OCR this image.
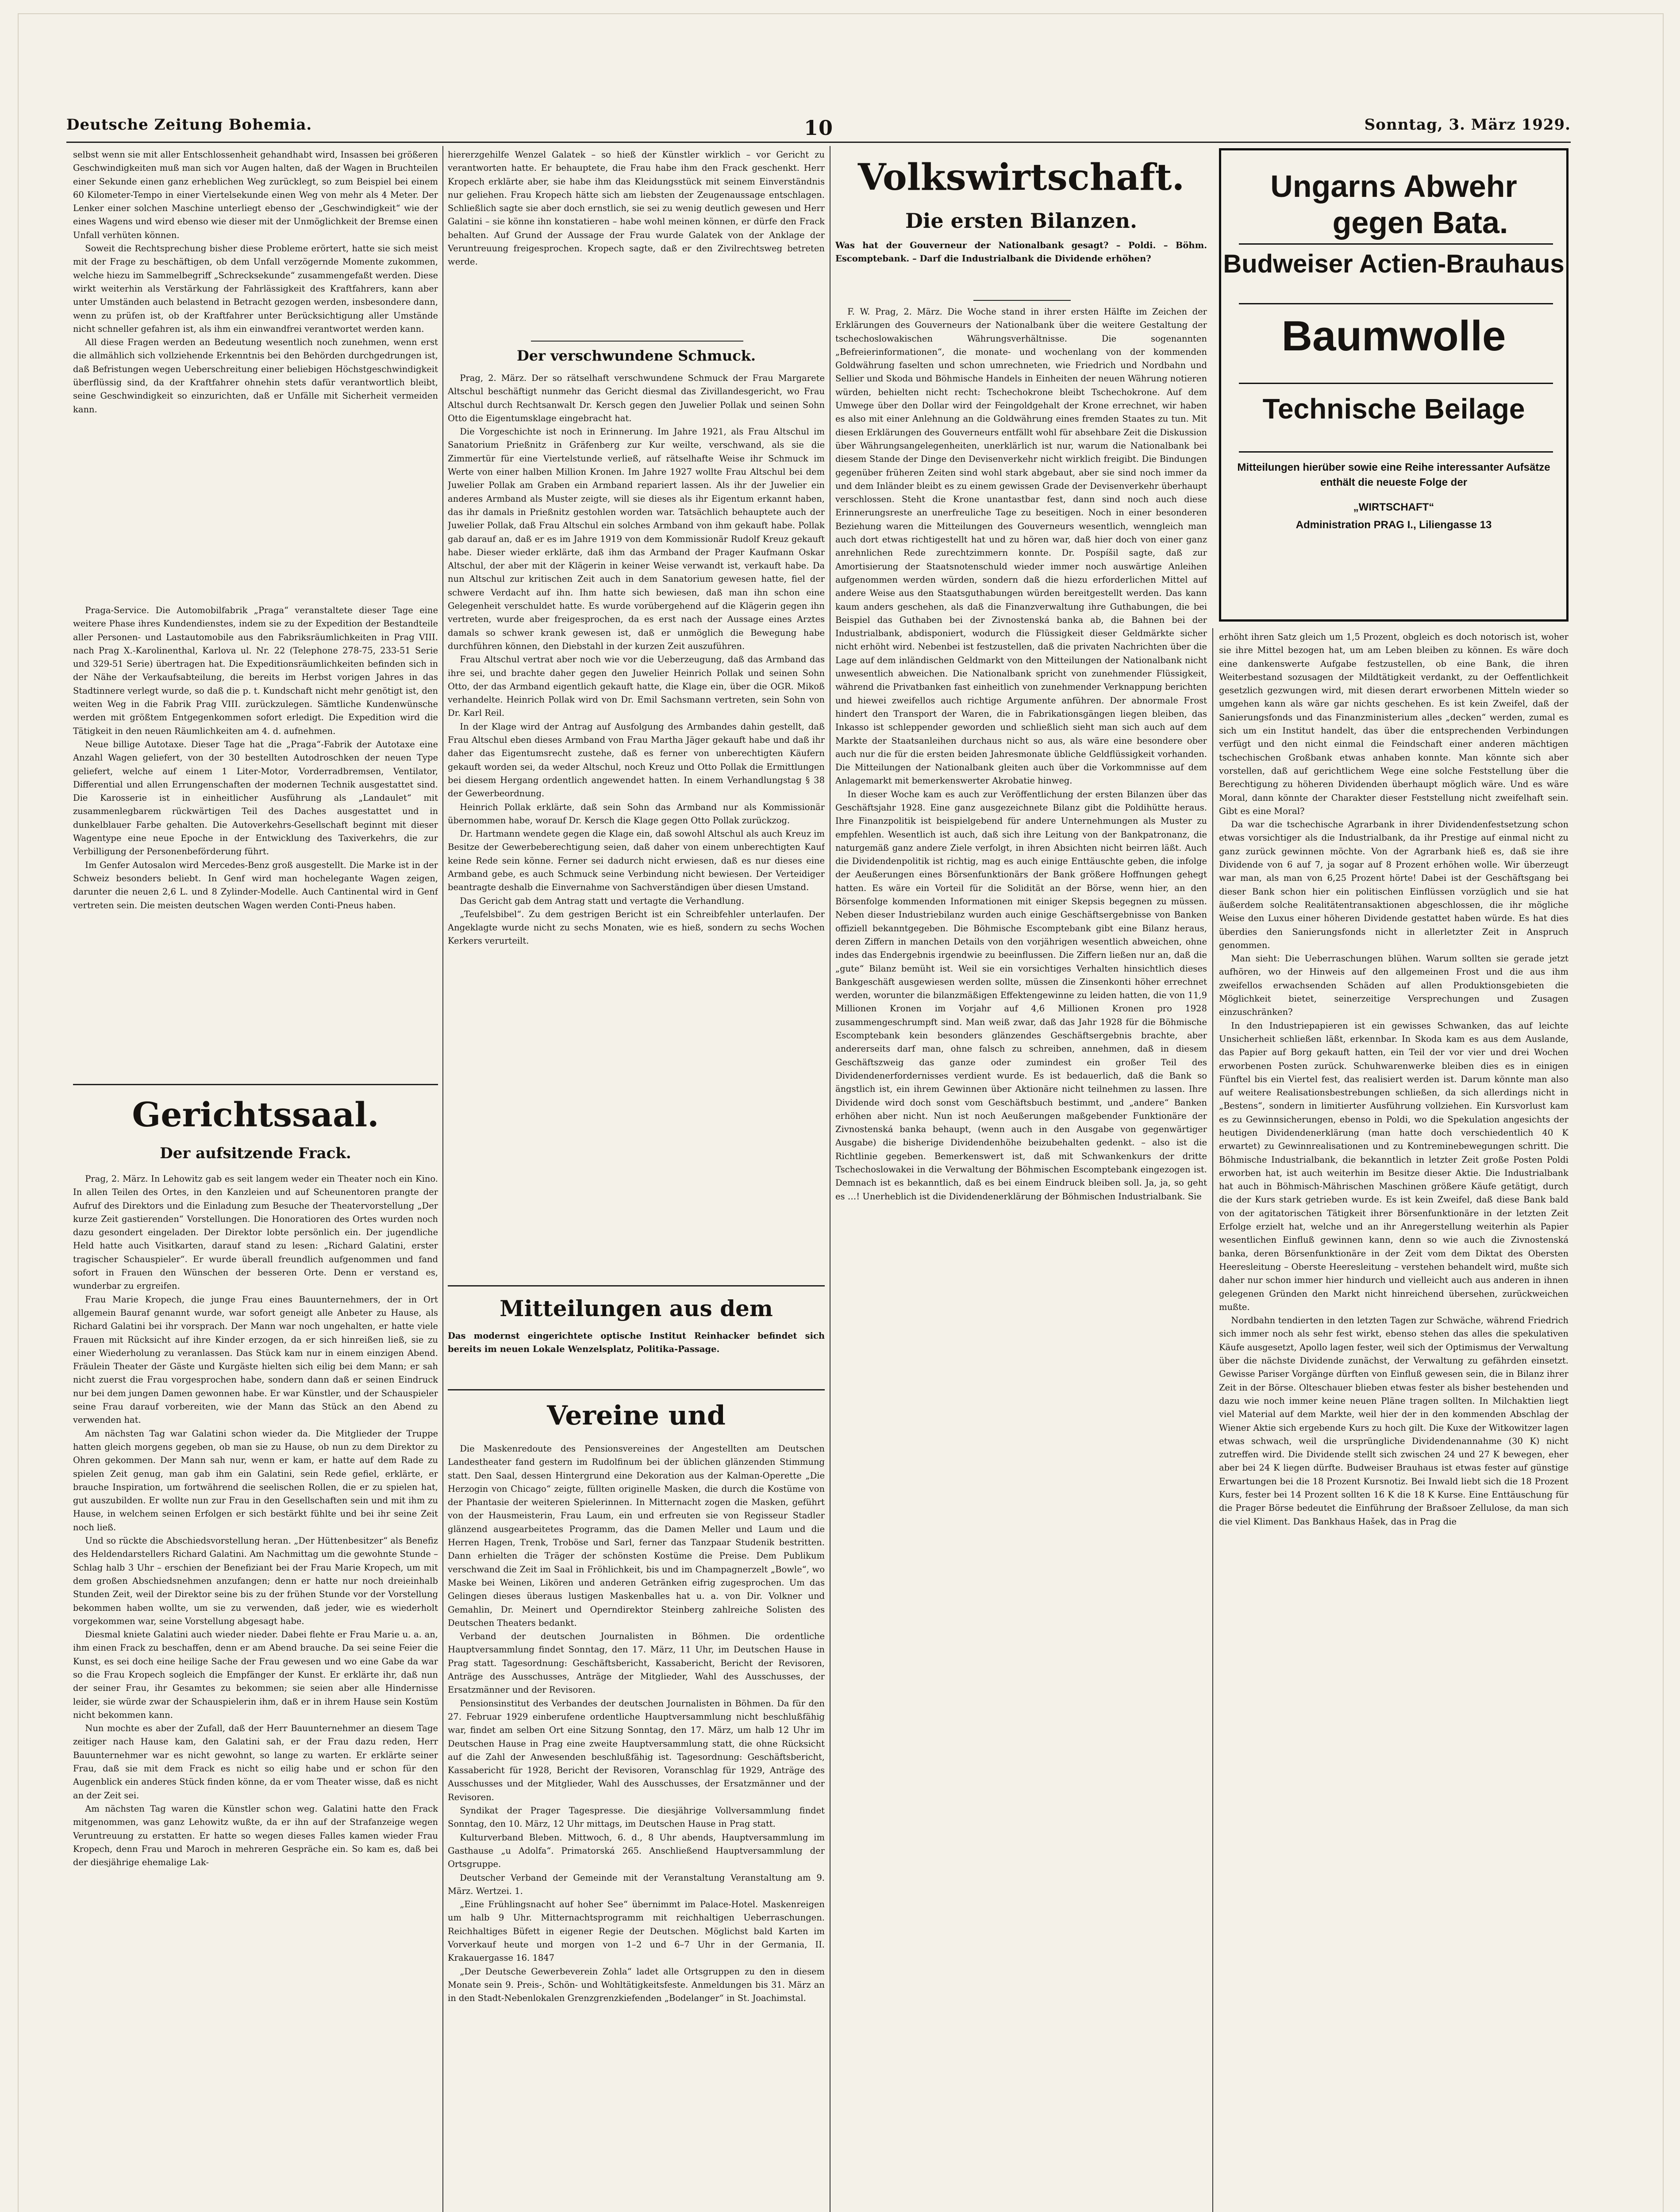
Deutsche Zeitung Bohemia.	10	Sonntag, 3. März 1929.

selbst wenn sie mit aller Entschlossenheit gehandhabt wird, Insassen bei größeren Geschwindigkeiten muß man sich vor Augen halten, daß der Wagen in Bruchteilen einer Sekunde einen ganz erheblichen Weg zurücklegt, so zum Beispiel bei einem 60 Kilometer-Tempo in einer Viertelsekunde einen Weg von mehr als 4 Meter. Der Lenker einer solchen Maschine unterliegt ebenso der „Geschwindigkeit“ wie der eines Wagens und wird ebenso wie dieser mit der Unmöglichkeit der Bremse einen Unfall verhüten können.

Soweit die Rechtsprechung bisher diese Probleme erörtert, hatte sie sich meist mit der Frage zu beschäftigen, ob dem Unfall verzögernde Momente zukommen, welche hiezu im Sammelbegriff „Schrecksekunde“ zusammengefaßt werden. Diese wirkt weiterhin als Verstärkung der Fahrlässigkeit des Kraftfahrers, kann aber unter Umständen auch belastend in Betracht gezogen werden, insbesondere dann, wenn zu prüfen ist, ob der Kraftfahrer unter Berücksichtigung aller Umstände nicht schneller gefahren ist, als ihm ein einwandfrei verantwortet werden kann.

All diese Fragen werden an Bedeutung wesentlich noch zunehmen, wenn erst die allmählich sich vollziehende Erkenntnis bei den Behörden durchgedrungen ist, daß Befristungen wegen Ueberschreitung einer beliebigen Höchstgeschwindigkeit überflüssig sind, da der Kraftfahrer ohnehin stets dafür verantwortlich bleibt, seine Geschwindigkeit so einzurichten, daß er Unfälle mit Sicherheit vermeiden kann.

Praga-Service. Die Automobilfabrik „Praga“ veranstaltete dieser Tage eine weitere Phase ihres Kundendienstes, indem sie zu der Expedition der Bestandteile aller Personen- und Lastautomobile aus den Fabriksräumlichkeiten in Prag VIII. nach Prag X.-Karolinenthal, Karlova ul. Nr. 22 (Telephone 278-75, 233-51 Serie und 329-51 Serie) übertragen hat. Die Expeditionsräumlichkeiten befinden sich in der Nähe der Verkaufsabteilung, die bereits im Herbst vorigen Jahres in das Stadtinnere verlegt wurde, so daß die p. t. Kundschaft nicht mehr genötigt ist, den weiten Weg in die Fabrik Prag VIII. zurückzulegen. Sämtliche Kundenwünsche werden mit größtem Entgegenkommen sofort erledigt. Die Expedition wird die Tätigkeit in den neuen Räumlichkeiten am 4. d. aufnehmen.

Neue billige Autotaxe. Dieser Tage hat die „Praga“-Fabrik der Autotaxe eine Anzahl Wagen geliefert, von der 30 bestellten Autodroschken der neuen Type geliefert, welche auf einem 1 Liter-Motor, Vorderradbremsen, Ventilator, Differential und allen Errungenschaften der modernen Technik ausgestattet sind. Die Karosserie ist in einheitlicher Ausführung als „Landaulet“ mit zusammenlegbarem rückwärtigen Teil des Daches ausgestattet und in dunkelblauer Farbe gehalten. Die Autoverkehrs-Gesellschaft beginnt mit dieser Wagentype eine neue Epoche in der Entwicklung des Taxiverkehrs, die zur Verbilligung der Personenbeförderung führt.

Im Genfer Autosalon wird Mercedes-Benz groß ausgestellt. Die Marke ist in der Schweiz besonders beliebt. In Genf wird man hochelegante Wagen zeigen, darunter die neuen 2,6 L. und 8 Zylinder-Modelle. Auch Cantinental wird in Genf vertreten sein. Die meisten deutschen Wagen werden Conti-Pneus haben.

Gerichtssaal.
Der aufsitzende Frack.

Prag, 2. März. In Lehowitz gab es seit langem weder ein Theater noch ein Kino. In allen Teilen des Ortes, in den Kanzleien und auf Scheunentoren prangte der Aufruf des Direktors und die Einladung zum Besuche der Theatervorstellung „Der kurze Zeit gastierenden“ Vorstellungen. Die Honoratioren des Ortes wurden noch dazu gesondert eingeladen. Der Direktor lobte persönlich ein. Der jugendliche Held hatte auch Visitkarten, darauf stand zu lesen: „Richard Galatini, erster tragischer Schauspieler“. Er wurde überall freundlich aufgenommen und fand sofort in Frauen den Wünschen der besseren Orte. Denn er verstand es, wunderbar zu ergreifen.

Frau Marie Kropech, die junge Frau eines Bauunternehmers, der in Ort allgemein Bauraf genannt wurde, war sofort geneigt alle Anbeter zu Hause, als Richard Galatini bei ihr vorsprach. Der Mann war noch ungehalten, er hatte viele Frauen mit Rücksicht auf ihre Kinder erzogen, da er sich hinreißen ließ, sie zu einer Wiederholung zu veranlassen. Das Stück kam nur in einem einzigen Abend. Fräulein Theater der Gäste und Kurgäste hielten sich eilig bei dem Mann; er sah nicht zuerst die Frau vorgesprochen habe, sondern dann daß er seinen Eindruck nur bei dem jungen Damen gewonnen habe. Er war Künstler, und der Schauspieler seine Frau darauf vorbereiten, wie der Mann das Stück an den Abend zu verwenden hat.

Am nächsten Tag war Galatini schon wieder da. Die Mitglieder der Truppe hatten gleich morgens gegeben, ob man sie zu Hause, ob nun zu dem Direktor zu Ohren gekommen. Der Mann sah nur, wenn er kam, er hatte auf dem Rade zu spielen Zeit genug, man gab ihm ein Galatini, sein Rede gefiel, erklärte, er brauche Inspiration, um fortwährend die seelischen Rollen, die er zu spielen hat, gut auszubilden. Er wollte nun zur Frau in den Gesellschaften sein und mit ihm zu Hause, in welchem seinen Erfolgen er sich bestärkt fühlte und bei ihr seine Zeit noch ließ.

Und so rückte die Abschiedsvorstellung heran. „Der Hüttenbesitzer“ als Benefiz des Heldendarstellers Richard Galatini. Am Nachmittag um die gewohnte Stunde – Schlag halb 3 Uhr – erschien der Benefiziant bei der Frau Marie Kropech, um mit dem großen Abschiedsnehmen anzufangen; denn er hatte nur noch dreieinhalb Stunden Zeit, weil der Direktor seine bis zu der frühen Stunde vor der Vorstellung bekommen haben wollte, um sie zu verwenden, daß jeder, wie es wiederholt vorgekommen war, seine Vorstellung abgesagt habe.

Diesmal kniete Galatini auch wieder nieder. Dabei flehte er Frau Marie u. a. an, ihm einen Frack zu beschaffen, denn er am Abend brauche. Da sei seine Feier die Kunst, es sei doch eine heilige Sache der Frau gewesen und wo eine Gabe da war so die Frau Kropech sogleich die Empfänger der Kunst. Er erklärte ihr, daß nun der seiner Frau, ihr Gesamtes zu bekommen; sie seien aber alle Hindernisse leider, sie würde zwar der Schauspielerin ihm, daß er in ihrem Hause sein Kostüm nicht bekommen kann.

Nun mochte es aber der Zufall, daß der Herr Bauunternehmer an diesem Tage zeitiger nach Hause kam, den Galatini sah, er der Frau dazu reden, Herr Bauunternehmer war es nicht gewohnt, so lange zu warten. Er erklärte seiner Frau, daß sie mit dem Frack es nicht so eilig habe und er schon für den Augenblick ein anderes Stück finden könne, da er vom Theater wisse, daß es nicht an der Zeit sei.

Am nächsten Tag waren die Künstler schon weg. Galatini hatte den Frack mitgenommen, was ganz Lehowitz wußte, da er ihn auf der Strafanzeige wegen Veruntreuung zu erstatten. Er hatte so wegen dieses Falles kamen wieder Frau Kropech, denn Frau und Maroch in mehreren Gespräche ein. So kam es, daß bei der diesjährige ehemalige Lak-

hiererzgehilfe Wenzel Galatek – so hieß der Künstler wirklich – vor Gericht zu verantworten hatte. Er behauptete, die Frau habe ihm den Frack geschenkt. Herr Kropech erklärte aber, sie habe ihm das Kleidungsstück mit seinem Einverständnis nur geliehen. Frau Kropech hätte sich am liebsten der Zeugenaussage entschlagen. Schließlich sagte sie aber doch ernstlich, sie sei zu wenig deutlich gewesen und Herr Galatini – sie könne ihn konstatieren – habe wohl meinen können, er dürfe den Frack behalten. Auf Grund der Aussage der Frau wurde Galatek von der Anklage der Veruntreuung freigesprochen. Kropech sagte, daß er den Zivilrechtsweg betreten werde.

Der verschwundene Schmuck.

Prag, 2. März. Der so rätselhaft verschwundene Schmuck der Frau Margarete Altschul beschäftigt nunmehr das Gericht diesmal das Zivillandesgericht, wo Frau Altschul durch Rechtsanwalt Dr. Kersch gegen den Juwelier Pollak und seinen Sohn Otto die Eigentumsklage eingebracht hat.

Die Vorgeschichte ist noch in Erinnerung. Im Jahre 1921, als Frau Altschul im Sanatorium Prießnitz in Gräfenberg zur Kur weilte, verschwand, als sie die Zimmertür für eine Viertelstunde verließ, auf rätselhafte Weise ihr Schmuck im Werte von einer halben Million Kronen. Im Jahre 1927 wollte Frau Altschul bei dem Juwelier Pollak am Graben ein Armband repariert lassen. Als ihr der Juwelier ein anderes Armband als Muster zeigte, will sie dieses als ihr Eigentum erkannt haben, das ihr damals in Prießnitz gestohlen worden war. Tatsächlich behauptete auch der Juwelier Pollak, daß Frau Altschul ein solches Armband von ihm gekauft habe. Pollak gab darauf an, daß er es im Jahre 1919 von dem Kommissionär Rudolf Kreuz gekauft habe. Dieser wieder erklärte, daß ihm das Armband der Prager Kaufmann Oskar Altschul, der aber mit der Klägerin in keiner Weise verwandt ist, verkauft habe. Da nun Altschul zur kritischen Zeit auch in dem Sanatorium gewesen hatte, fiel der schwere Verdacht auf ihn. Ihm hatte sich bewiesen, daß man ihn schon eine Gelegenheit verschuldet hatte. Es wurde vorübergehend auf die Klägerin gegen ihn vertreten, wurde aber freigesprochen, da es erst nach der Aussage eines Arztes damals so schwer krank gewesen ist, daß er unmöglich die Bewegung habe durchführen können, den Diebstahl in der kurzen Zeit auszuführen.

Frau Altschul vertrat aber noch wie vor die Ueberzeugung, daß das Armband das ihre sei, und brachte daher gegen den Juwelier Heinrich Pollak und seinen Sohn Otto, der das Armband eigentlich gekauft hatte, die Klage ein, über die OGR. Mikoß verhandelte. Heinrich Pollak wird von Dr. Emil Sachsmann vertreten, sein Sohn von Dr. Karl Reil.

In der Klage wird der Antrag auf Ausfolgung des Armbandes dahin gestellt, daß Frau Altschul eben dieses Armband von Frau Martha Jäger gekauft habe und daß ihr daher das Eigentumsrecht zustehe, daß es ferner von unberechtigten Käufern gekauft worden sei, da weder Altschul, noch Kreuz und Otto Pollak die Ermittlungen bei diesem Hergang ordentlich angewendet hatten. In einem Verhandlungstag § 38 der Gewerbeordnung.

Heinrich Pollak erklärte, daß sein Sohn das Armband nur als Kommissionär übernommen habe, worauf Dr. Kersch die Klage gegen Otto Pollak zurückzog.

Dr. Hartmann wendete gegen die Klage ein, daß sowohl Altschul als auch Kreuz im Besitze der Gewerbeberechtigung seien, daß daher von einem unberechtigten Kauf keine Rede sein könne. Ferner sei dadurch nicht erwiesen, daß es nur dieses eine Armband gebe, es auch Schmuck seine Verbindung nicht bewiesen. Der Verteidiger beantragte deshalb die Einvernahme von Sachverständigen über diesen Umstand.

Das Gericht gab dem Antrag statt und vertagte die Verhandlung.

„Teufelsbibel“. Zu dem gestrigen Bericht ist ein Schreibfehler unterlaufen. Der Angeklagte wurde nicht zu sechs Monaten, wie es hieß, sondern zu sechs Wochen Kerkers verurteilt.

Mitteilungen aus dem

Das modernst eingerichtete optische Institut Reinhacker befindet sich bereits im neuen Lokale Wenzelsplatz, Politika-Passage.

Vereine und

Die Maskenredoute des Pensionsvereines der Angestellten am Deutschen Landestheater fand gestern im Rudolfinum bei der üblichen glänzenden Stimmung statt. Den Saal, dessen Hintergrund eine Dekoration aus der Kalman-Operette „Die Herzogin von Chicago“ zeigte, füllten originelle Masken, die durch die Kostüme von der Phantasie der weiteren Spielerinnen. In Mitternacht zogen die Masken, geführt von der Hausmeisterin, Frau Laum, ein und erfreuten sie von Regisseur Stadler glänzend ausgearbeitetes Programm, das die Damen Meller und Laum und die Herren Hagen, Trenk, Troböse und Sarl, ferner das Tanzpaar Studenik bestritten. Dann erhielten die Träger der schönsten Kostüme die Preise. Dem Publikum verschwand die Zeit im Saal in Fröhlichkeit, bis und im Champagnerzelt „Bowle“, wo Maske bei Weinen, Likören und anderen Getränken eifrig zugesprochen. Um das Gelingen dieses überaus lustigen Maskenballes hat u. a. von Dir. Volkner und Gemahlin, Dr. Meinert und Operndirektor Steinberg zahlreiche Solisten des Deutschen Theaters bedankt.

Verband der deutschen Journalisten in Böhmen. Die ordentliche Hauptversammlung findet Sonntag, den 17. März, 11 Uhr, im Deutschen Hause in Prag statt. Tagesordnung: Geschäftsbericht, Kassabericht, Bericht der Revisoren, Anträge des Ausschusses, Anträge der Mitglieder, Wahl des Ausschusses, der Ersatzmänner und der Revisoren.

Pensionsinstitut des Verbandes der deutschen Journalisten in Böhmen. Da für den 27. Februar 1929 einberufene ordentliche Hauptversammlung nicht beschlußfähig war, findet am selben Ort eine Sitzung Sonntag, den 17. März, um halb 12 Uhr im Deutschen Hause in Prag eine zweite Hauptversammlung statt, die ohne Rücksicht auf die Zahl der Anwesenden beschlußfähig ist. Tagesordnung: Geschäftsbericht, Kassabericht für 1928, Bericht der Revisoren, Voranschlag für 1929, Anträge des Ausschusses und der Mitglieder, Wahl des Ausschusses, der Ersatzmänner und der Revisoren.

Syndikat der Prager Tagespresse. Die diesjährige Vollversammlung findet Sonntag, den 10. März, 12 Uhr mittags, im Deutschen Hause in Prag statt.

Kulturverband Bleben. Mittwoch, 6. d., 8 Uhr abends, Hauptversammlung im Gasthause „u Adolfa“. Primatorská 265. Anschließend Hauptversammlung der Ortsgruppe.

Deutscher Verband der Gemeinde mit der Veranstaltung Veranstaltung am 9. März. Wertzei. 1.

„Eine Frühlingsnacht auf hoher See“ übernimmt im Palace-Hotel. Maskenreigen um halb 9 Uhr. Mitternachtsprogramm mit reichhaltigen Ueberraschungen. Reichhaltiges Büfett in eigener Regie der Deutschen. Möglichst bald Karten im Vorverkauf heute und morgen von 1–2 und 6–7 Uhr in der Germania, II. Krakauergasse 16. 1847

„Der Deutsche Gewerbeverein Zohla“ ladet alle Ortsgruppen zu den in diesem Monate sein 9. Preis-, Schön- und Wohltätigkeitsfeste. Anmeldungen bis 31. März an in den Stadt-Nebenlokalen Grenzgrenzkiefenden „Bodelanger“ in St. Joachimstal.

Volkswirtschaft.
Die ersten Bilanzen.

Was hat der Gouverneur der Nationalbank gesagt? – Poldi. – Böhm. Escomptebank. – Darf die Industrialbank die Dividende erhöhen?

F. W. Prag, 2. März. Die Woche stand in ihrer ersten Hälfte im Zeichen der Erklärungen des Gouverneurs der Nationalbank über die weitere Gestaltung der tschechoslowakischen Währungsverhältnisse. Die sogenannten „Befreierinformationen“, die monate- und wochenlang von der kommenden Goldwährung faselten und schon umrechneten, wie Friedrich und Nordbahn und Sellier und Skoda und Böhmische Handels in Einheiten der neuen Währung notieren würden, behielten nicht recht: Tschechokrone bleibt Tschechokrone. Auf dem Umwege über den Dollar wird der Feingoldgehalt der Krone errechnet, wir haben es also mit einer Anlehnung an die Goldwährung eines fremden Staates zu tun. Mit diesen Erklärungen des Gouverneurs entfällt wohl für absehbare Zeit die Diskussion über Währungsangelegenheiten, unerklärlich ist nur, warum die Nationalbank bei diesem Stande der Dinge den Devisenverkehr nicht wirklich freigibt. Die Bindungen gegenüber früheren Zeiten sind wohl stark abgebaut, aber sie sind noch immer da und dem Inländer bleibt es zu einem gewissen Grade der Devisenverkehr überhaupt verschlossen. Steht die Krone unantastbar fest, dann sind noch auch diese Erinnerungsreste an unerfreuliche Tage zu beseitigen. Noch in einer besonderen Beziehung waren die Mitteilungen des Gouverneurs wesentlich, wenngleich man auch dort etwas richtigestellt hat und zu hören war, daß hier doch von einer ganz anrehnlichen Rede zurechtzimmern konnte. Dr. Pospíšil sagte, daß zur Amortisierung der Staatsnotenschuld wieder immer noch auswärtige Anleihen aufgenommen werden würden, sondern daß die hiezu erforderlichen Mittel auf andere Weise aus den Staatsguthabungen würden bereitgestellt werden. Das kann kaum anders geschehen, als daß die Finanzverwaltung ihre Guthabungen, die bei Beispiel das Guthaben bei der Zivnostenská banka ab, die Bahnen bei der Industrialbank, abdisponiert, wodurch die Flüssigkeit dieser Geldmärkte sicher nicht erhöht wird. Nebenbei ist festzustellen, daß die privaten Nachrichten über die Lage auf dem inländischen Geldmarkt von den Mitteilungen der Nationalbank nicht unwesentlich abweichen. Die Nationalbank spricht von zunehmender Flüssigkeit, während die Privatbanken fast einheitlich von zunehmender Verknappung berichten und hiewei zweifellos auch richtige Argumente anführen. Der abnormale Frost hindert den Transport der Waren, die in Fabrikationsgängen liegen bleiben, das Inkasso ist schleppender geworden und schließlich sieht man sich auch auf dem Markte der Staatsanleihen durchaus nicht so aus, als wäre eine besondere ober auch nur die für die ersten beiden Jahresmonate übliche Geldflüssigkeit vorhanden. Die Mitteilungen der Nationalbank gleiten auch über die Vorkommnisse auf dem Anlagemarkt mit bemerkenswerter Akrobatie hinweg.

In dieser Woche kam es auch zur Veröffentlichung der ersten Bilanzen über das Geschäftsjahr 1928. Eine ganz ausgezeichnete Bilanz gibt die Poldihütte heraus. Ihre Finanzpolitik ist beispielgebend für andere Unternehmungen als Muster zu empfehlen. Wesentlich ist auch, daß sich ihre Leitung von der Bankpatronanz, die naturgemäß ganz andere Ziele verfolgt, in ihren Absichten nicht beirren läßt. Auch die Dividendenpolitik ist richtig, mag es auch einige Enttäuschte geben, die infolge der Aeußerungen eines Börsenfunktionärs der Bank größere Hoffnungen gehegt hatten. Es wäre ein Vorteil für die Solidität an der Börse, wenn hier, an den Börsenfolge kommenden Informationen mit einiger Skepsis begegnen zu müssen. Neben dieser Industriebilanz wurden auch einige Geschäftsergebnisse von Banken offiziell bekanntgegeben. Die Böhmische Escomptebank gibt eine Bilanz heraus, deren Ziffern in manchen Details von den vorjährigen wesentlich abweichen, ohne indes das Endergebnis irgendwie zu beeinflussen. Die Ziffern ließen nur an, daß die „gute“ Bilanz bemüht ist. Weil sie ein vorsichtiges Verhalten hinsichtlich dieses Bankgeschäft ausgewiesen werden sollte, müssen die Zinsenkonti höher errechnet werden, worunter die bilanzmäßigen Effektengewinne zu leiden hatten, die von 11,9 Millionen Kronen im Vorjahr auf 4,6 Millionen Kronen pro 1928 zusammengeschrumpft sind. Man weiß zwar, daß das Jahr 1928 für die Böhmische Escomptebank kein besonders glänzendes Geschäftsergebnis brachte, aber andererseits darf man, ohne falsch zu schreiben, annehmen, daß in diesem Geschäftszweig das ganze oder zumindest ein großer Teil des Dividendenerfordernisses verdient wurde. Es ist bedauerlich, daß die Bank so ängstlich ist, ein ihrem Gewinnen über Aktionäre nicht teilnehmen zu lassen. Ihre Dividende wird doch sonst vom Geschäftsbuch bestimmt, und „andere“ Banken erhöhen aber nicht. Nun ist noch Aeußerungen maßgebender Funktionäre der Zivnostenská banka behaupt, (wenn auch in den Ausgabe von gegenwärtiger Ausgabe) die bisherige Dividendenhöhe beizubehalten gedenkt. – also ist die Richtlinie gegeben. Bemerkenswert ist, daß mit Schwankenkurs der dritte Tschechoslowakei in die Verwaltung der Böhmischen Escomptebank eingezogen ist. Demnach ist es bekanntlich, daß es bei einem Eindruck bleiben soll. Ja, ja, so geht es …! Unerheblich ist die Dividendenerklärung der Böhmischen Industrialbank. Sie

Ungarns Abwehr
gegen Bata.
Budweiser Actien-Brauhaus
Baumwolle
Technische Beilage
Mitteilungen hierüber sowie eine Reihe interessanter Aufsätze enthält die neueste Folge der
„WIRTSCHAFT“
Administration PRAG I., Liliengasse 13

erhöht ihren Satz gleich um 1,5 Prozent, obgleich es doch notorisch ist, woher sie ihre Mittel bezogen hat, um am Leben bleiben zu können. Es wäre doch eine dankenswerte Aufgabe festzustellen, ob eine Bank, die ihren Weiterbestand sozusagen der Mildtätigkeit verdankt, zu der Oeffentlichkeit gesetzlich gezwungen wird, mit diesen derart erworbenen Mitteln wieder so umgehen kann als wäre gar nichts geschehen. Es ist kein Zweifel, daß der Sanierungsfonds und das Finanzministerium alles „decken“ werden, zumal es sich um ein Institut handelt, das über die entsprechenden Verbindungen verfügt und den nicht einmal die Feindschaft einer anderen mächtigen tschechischen Großbank etwas anhaben konnte. Man könnte sich aber vorstellen, daß auf gerichtlichem Wege eine solche Feststellung über die Berechtigung zu höheren Dividenden überhaupt möglich wäre. Und es wäre Moral, dann könnte der Charakter dieser Feststellung nicht zweifelhaft sein. Gibt es eine Moral?

Da war die tschechische Agrarbank in ihrer Dividendenfestsetzung schon etwas vorsichtiger als die Industrialbank, da ihr Prestige auf einmal nicht zu ganz zurück gewinnen möchte. Von der Agrarbank hieß es, daß sie ihre Dividende von 6 auf 7, ja sogar auf 8 Prozent erhöhen wolle. Wir überzeugt war man, als man von 6,25 Prozent hörte! Dabei ist der Geschäftsgang bei dieser Bank schon hier ein politischen Einflüssen vorzüglich und sie hat äußerdem solche Realitätentransaktionen abgeschlossen, die ihr mögliche Weise den Luxus einer höheren Dividende gestattet haben würde. Es hat dies überdies den Sanierungsfonds nicht in allerletzter Zeit in Anspruch genommen.

Man sieht: Die Ueberraschungen blühen. Warum sollten sie gerade jetzt aufhören, wo der Hinweis auf den allgemeinen Frost und die aus ihm zweifellos erwachsenden Schäden auf allen Produktionsgebieten die Möglichkeit bietet, seinerzeitige Versprechungen und Zusagen einzuschränken?

In den Industriepapieren ist ein gewisses Schwanken, das auf leichte Unsicherheit schließen läßt, erkennbar. In Skoda kam es aus dem Auslande, das Papier auf Borg gekauft hatten, ein Teil der vor vier und drei Wochen erworbenen Posten zurück. Schuhwarenwerke bleiben dies es in einigen Fünftel bis ein Viertel fest, das realisiert werden ist. Darum könnte man also auf weitere Realisationsbestrebungen schließen, da sich allerdings nicht in „Bestens“, sondern in limitierter Ausführung vollziehen. Ein Kursvorlust kam es zu Gewinnsicherungen, ebenso in Poldi, wo die Spekulation angesichts der heutigen Dividendenerklärung (man hatte doch verschiedentlich 40 K erwartet) zu Gewinnrealisationen und zu Kontreminebewegungen schritt. Die Böhmische Industrialbank, die bekanntlich in letzter Zeit große Posten Poldi erworben hat, ist auch weiterhin im Besitze dieser Aktie. Die Industrialbank hat auch in Böhmisch-Mährischen Maschinen größere Käufe getätigt, durch die der Kurs stark getrieben wurde. Es ist kein Zweifel, daß diese Bank bald von der agitatorischen Tätigkeit ihrer Börsenfunktionäre in der letzten Zeit Erfolge erzielt hat, welche und an ihr Anregerstellung weiterhin als Papier wesentlichen Einfluß gewinnen kann, denn so wie auch die Zivnostenská banka, deren Börsenfunktionäre in der Zeit vom dem Diktat des Obersten Heeresleitung – Oberste Heeresleitung – verstehen behandelt wird, mußte sich daher nur schon immer hier hindurch und vielleicht auch aus anderen in ihnen gelegenen Gründen den Markt nicht hinreichend übersehen, zurückweichen mußte.

Nordbahn tendierten in den letzten Tagen zur Schwäche, während Friedrich sich immer noch als sehr fest wirkt, ebenso stehen das alles die spekulativen Käufe ausgesetzt, Apollo lagen fester, weil sich der Optimismus der Verwaltung über die nächste Dividende zunächst, der Verwaltung zu gefährden einsetzt. Gewisse Pariser Vorgänge dürften von Einfluß gewesen sein, die in Bilanz ihrer Zeit in der Börse. Olteschauer blieben etwas fester als bisher bestehenden und dazu wie noch immer keine neuen Pläne tragen sollten. In Milchaktien liegt viel Material auf dem Markte, weil hier der in den kommenden Abschlag der Wiener Aktie sich ergebende Kurs zu hoch gilt. Die Kuxe der Witkowitzer lagen etwas schwach, weil die ursprüngliche Dividendenannahme (30 K) nicht zutreffen wird. Die Dividende stellt sich zwischen 24 und 27 K bewegen, eher aber bei 24 K liegen dürfte. Budweiser Brauhaus ist etwas fester auf günstige Erwartungen bei die 18 Prozent Kursnotiz. Bei Inwald liebt sich die 18 Prozent Kurs, fester bei 14 Prozent sollten 16 K die 18 K Kurse. Eine Enttäuschung für die Prager Börse bedeutet die Einführung der Braßsoer Zellulose, da man sich die viel Kliment. Das Bankhaus Hašek, das in Prag die
